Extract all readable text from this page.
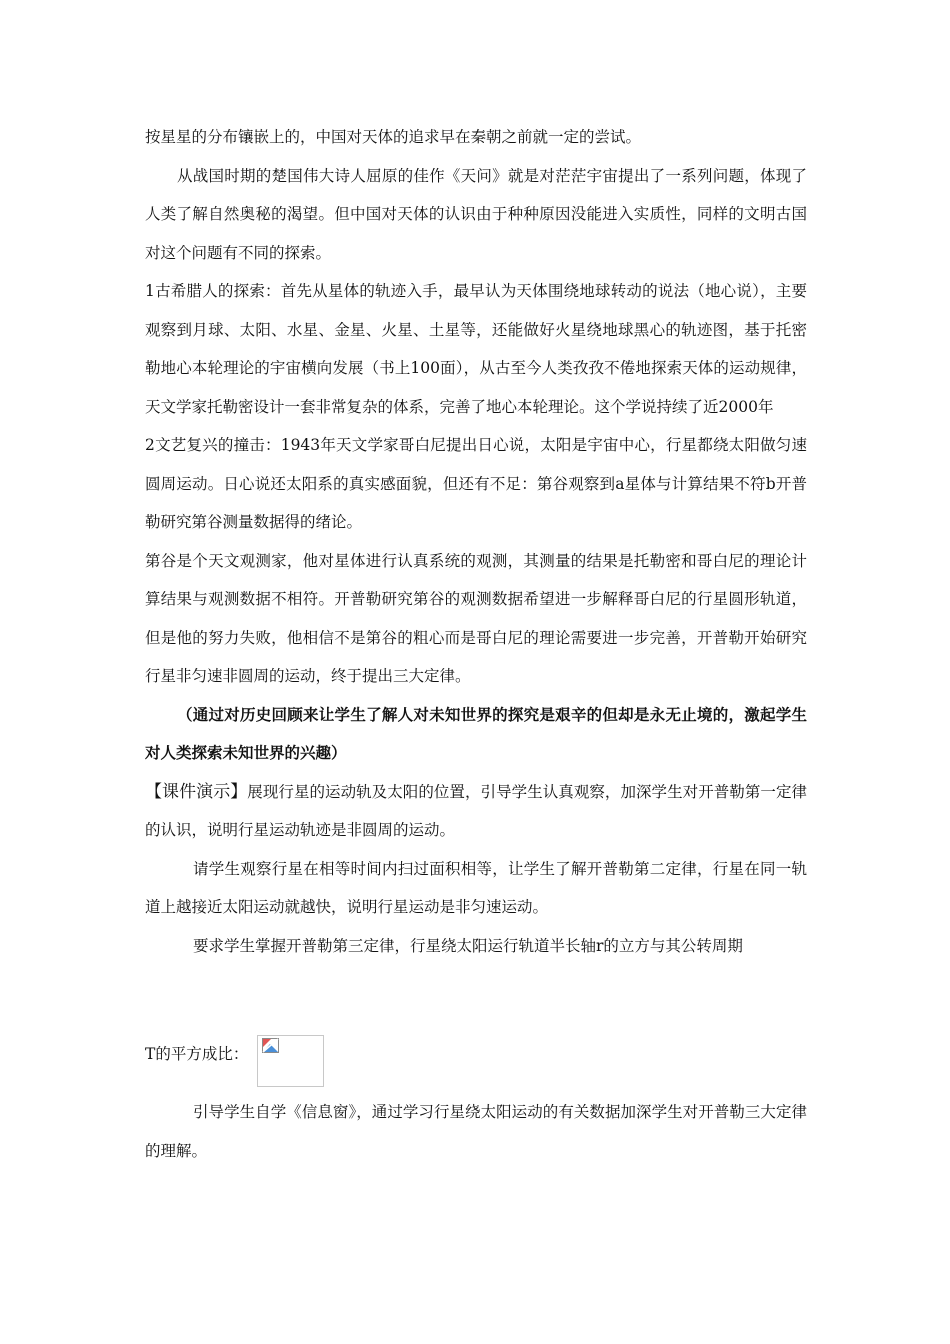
按星星的分布镶嵌上的，中国对天体的追求早在秦朝之前就一定的尝试。

从战国时期的楚国伟大诗人屈原的佳作《天问》就是对茫茫宇宙提出了一系列问题，体现了人类了解自然奥秘的渴望。但中国对天体的认识由于种种原因没能进入实质性，同样的文明古国对这个问题有不同的探索。

1古希腊人的探索：首先从星体的轨迹入手，最早认为天体围绕地球转动的说法（地心说），主要观察到月球、太阳、水星、金星、火星、土星等，还能做好火星绕地球黑心的轨迹图，基于托密勒地心本轮理论的宇宙横向发展（书上100面），从古至今人类孜孜不倦地探索天体的运动规律，天文学家托勒密设计一套非常复杂的体系，完善了地心本轮理论。这个学说持续了近2000年

2文艺复兴的撞击：1943年天文学家哥白尼提出日心说，太阳是宇宙中心，行星都绕太阳做匀速圆周运动。日心说还太阳系的真实感面貌，但还有不足：第谷观察到a星体与计算结果不符b开普勒研究第谷测量数据得的绪论。

第谷是个天文观测家，他对星体进行认真系统的观测，其测量的结果是托勒密和哥白尼的理论计算结果与观测数据不相符。开普勒研究第谷的观测数据希望进一步解释哥白尼的行星圆形轨道，但是他的努力失败，他相信不是第谷的粗心而是哥白尼的理论需要进一步完善，开普勒开始研究行星非匀速非圆周的运动，终于提出三大定律。

（通过对历史回顾来让学生了解人对未知世界的探究是艰辛的但却是永无止境的，激起学生对人类探索未知世界的兴趣）

【课件演示】展现行星的运动轨及太阳的位置，引导学生认真观察，加深学生对开普勒第一定律的认识，说明行星运动轨迹是非圆周的运动。

请学生观察行星在相等时间内扫过面积相等，让学生了解开普勒第二定律，行星在同一轨道上越接近太阳运动就越快，说明行星运动是非匀速运动。

要求学生掌握开普勒第三定律，行星绕太阳运行轨道半长轴r的立方与其公转周期

T的平方成比：

引导学生自学《信息窗》，通过学习行星绕太阳运动的有关数据加深学生对开普勒三大定律的理解。
